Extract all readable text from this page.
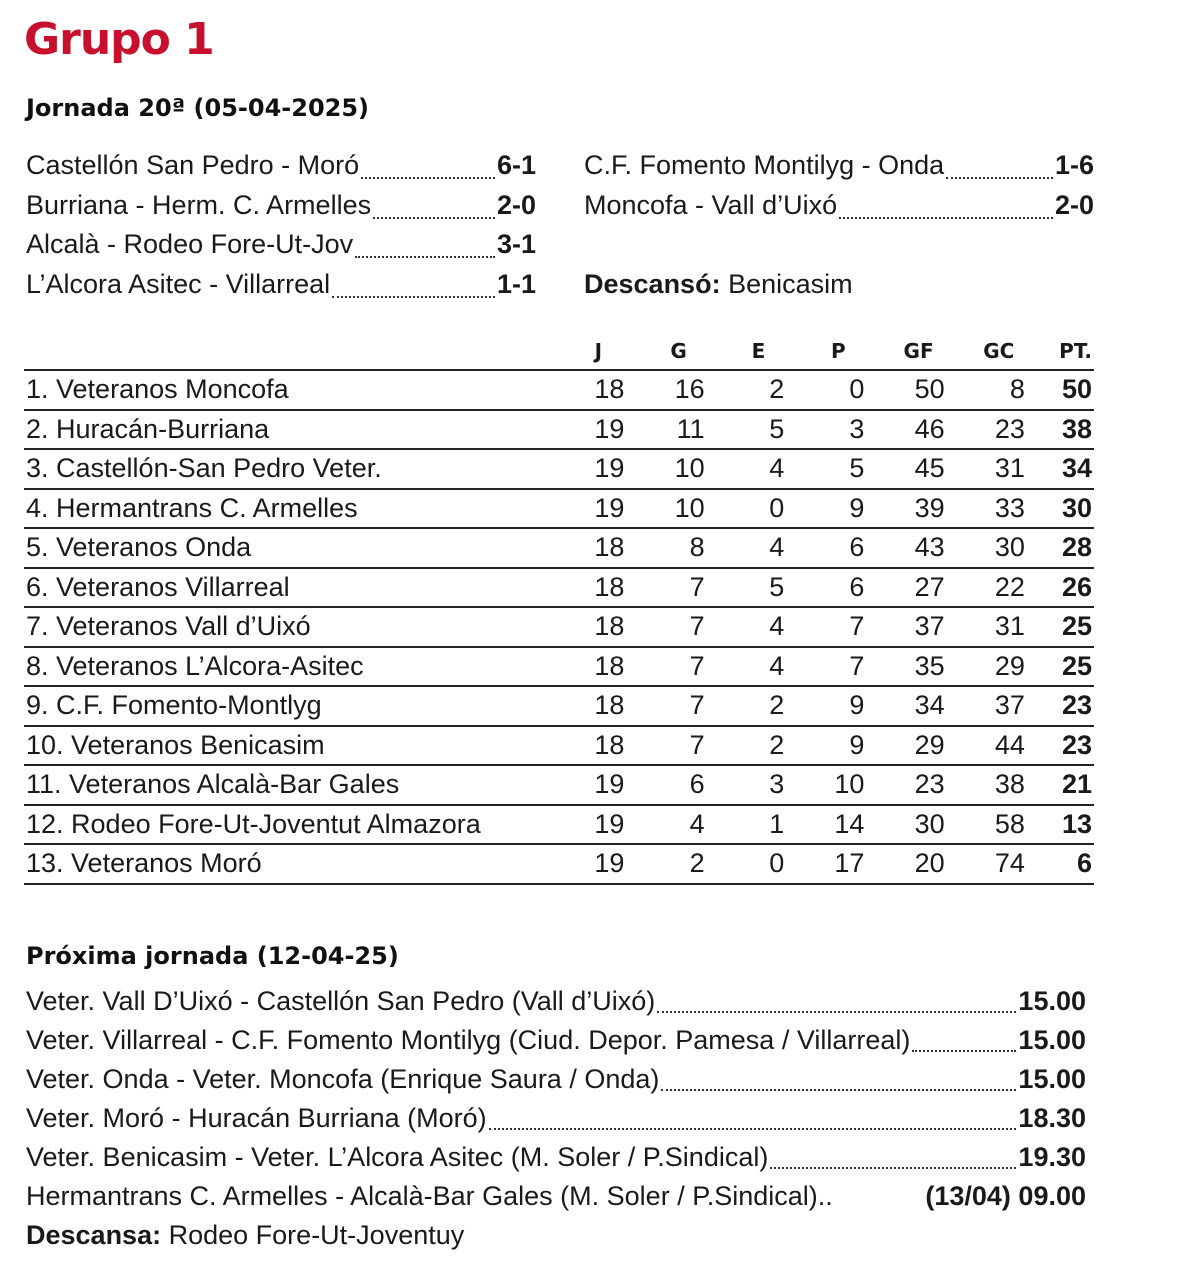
Grupo 1
Jornada 20ª (05-04-2025)
Castellón San Pedro - Moró	6-1
Burriana - Herm. C. Armelles	2-0
Alcalà - Rodeo Fore-Ut-Jov	3-1
L’Alcora Asitec - Villarreal	1-1
C.F. Fomento Montilyg - Onda	1-6
Moncofa - Vall d’Uixó	2-0
Descansó: Benicasim
	J	G	E	P	GF	GC	PT.
1. Veteranos Moncofa	18	16	2	0	50	8	50
2. Huracán-Burriana	19	11	5	3	46	23	38
3. Castellón-San Pedro Veter.	19	10	4	5	45	31	34
4. Hermantrans C. Armelles	19	10	0	9	39	33	30
5. Veteranos Onda	18	8	4	6	43	30	28
6. Veteranos Villarreal	18	7	5	6	27	22	26
7. Veteranos Vall d’Uixó	18	7	4	7	37	31	25
8. Veteranos L’Alcora-Asitec	18	7	4	7	35	29	25
9. C.F. Fomento-Montlyg	18	7	2	9	34	37	23
10. Veteranos Benicasim	18	7	2	9	29	44	23
11. Veteranos Alcalà-Bar Gales	19	6	3	10	23	38	21
12. Rodeo Fore-Ut-Joventut Almazora	19	4	1	14	30	58	13
13. Veteranos Moró	19	2	0	17	20	74	6
Próxima jornada (12-04-25)
Veter. Vall D’Uixó - Castellón San Pedro (Vall d’Uixó)	15.00
Veter. Villarreal - C.F. Fomento Montilyg (Ciud. Depor. Pamesa / Villarreal)	15.00
Veter. Onda - Veter. Moncofa (Enrique Saura / Onda)	15.00
Veter. Moró - Huracán Burriana (Moró)	18.30
Veter. Benicasim - Veter. L’Alcora Asitec (M. Soler / P.Sindical)	19.30
Hermantrans C. Armelles - Alcalà-Bar Gales (M. Soler / P.Sindical)..	(13/04) 09.00
Descansa: Rodeo Fore-Ut-Joventuy
